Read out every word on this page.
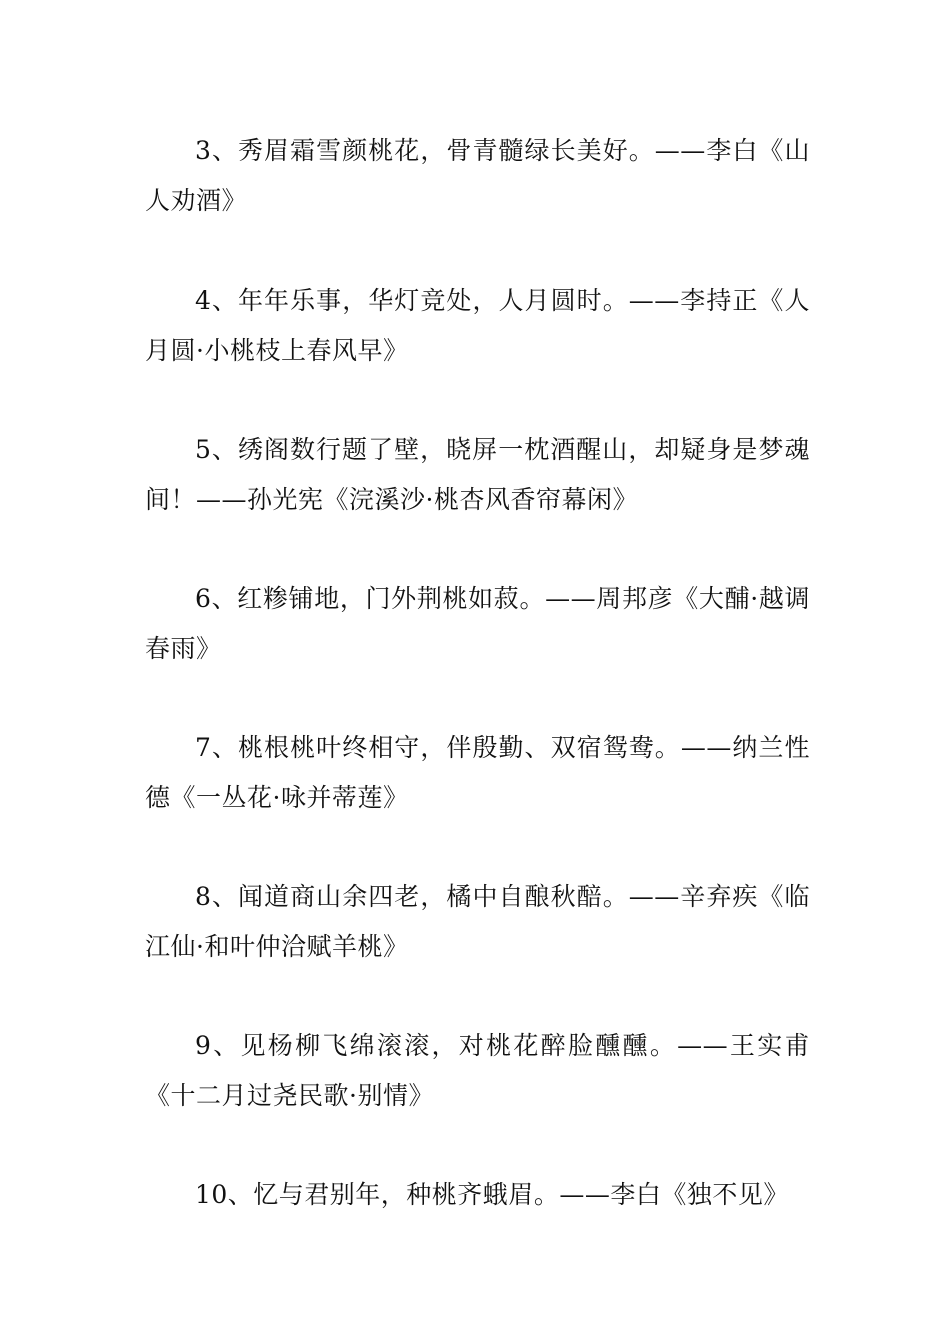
3、秀眉霜雪颜桃花，骨青髓绿长美好。——李白《山人劝酒》

4、年年乐事，华灯竞处，人月圆时。——李持正《人月圆·小桃枝上春风早》

5、绣阁数行题了壁，晓屏一枕酒醒山，却疑身是梦魂间！——孙光宪《浣溪沙·桃杏风香帘幕闲》

6、红糁铺地，门外荆桃如菽。——周邦彦《大酺·越调春雨》

7、桃根桃叶终相守，伴殷勤、双宿鸳鸯。——纳兰性德《一丛花·咏并蒂莲》

8、闻道商山余四老，橘中自酿秋醅。——辛弃疾《临江仙·和叶仲洽赋羊桃》

9、见杨柳飞绵滚滚，对桃花醉脸醺醺。——王实甫《十二月过尧民歌·别情》

10、忆与君别年，种桃齐蛾眉。——李白《独不见》
